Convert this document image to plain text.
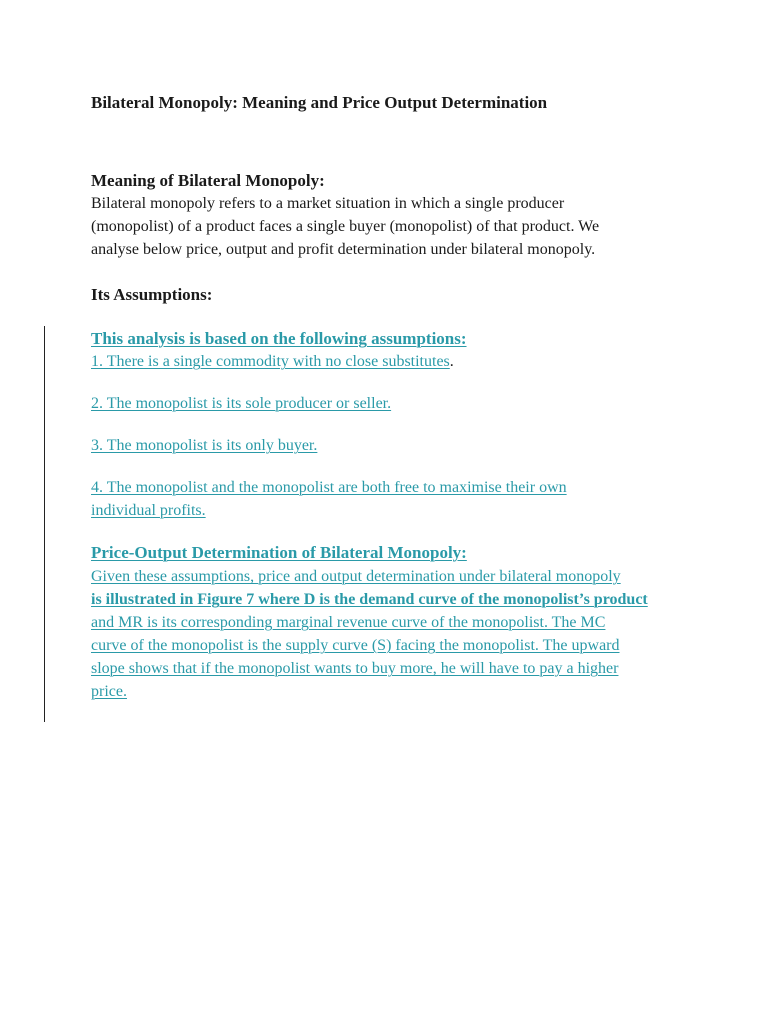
Bilateral Monopoly: Meaning and Price Output Determination
Meaning of Bilateral Monopoly:
Bilateral monopoly refers to a market situation in which a single producer
(monopolist) of a product faces a single buyer (monopolist) of that product. We
analyse below price, output and profit determination under bilateral monopoly.
Its Assumptions:
This analysis is based on the following assumptions:
1. There is a single commodity with no close substitutes.
2. The monopolist is its sole producer or seller.
3. The monopolist is its only buyer.
4. The monopolist and the monopolist are both free to maximise their own
individual profits.
Price-Output Determination of Bilateral Monopoly:
Given these assumptions, price and output determination under bilateral monopoly
is illustrated in Figure 7 where D is the demand curve of the monopolist’s product
and MR is its corresponding marginal revenue curve of the monopolist. The MC
curve of the monopolist is the supply curve (S) facing the monopolist. The upward
slope shows that if the monopolist wants to buy more, he will have to pay a higher
price.
